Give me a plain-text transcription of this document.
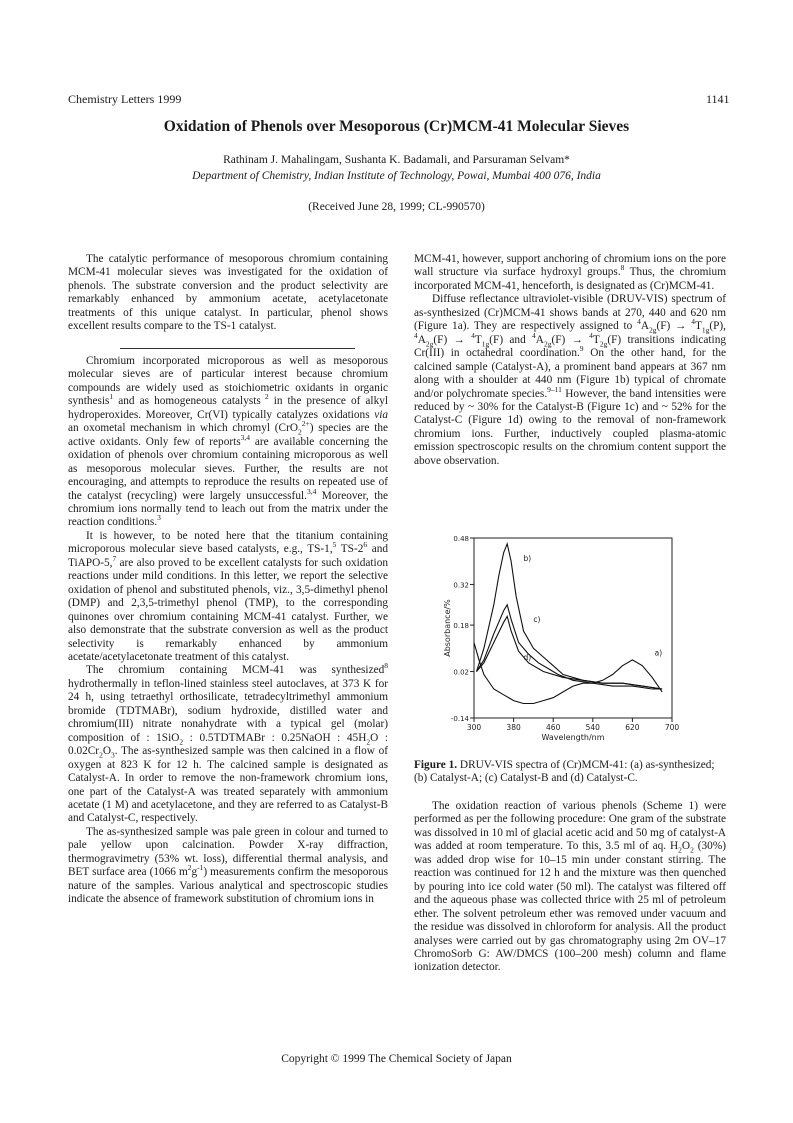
Chemistry Letters 1999	1141
Oxidation of Phenols over Mesoporous (Cr)MCM-41 Molecular Sieves
Rathinam J. Mahalingam, Sushanta K. Badamali, and Parsuraman Selvam*
Department of Chemistry, Indian Institute of Technology, Powai, Mumbai 400 076, India
(Received June 28, 1999; CL-990570)

The catalytic performance of mesoporous chromium containing MCM-41 molecular sieves was investigated for the oxidation of phenols. The substrate conversion and the product selectivity are remarkably enhanced by ammonium acetate, acetylacetonate treatments of this unique catalyst. In particular, phenol shows excellent results compare to the TS-1 catalyst.

Chromium incorporated microporous as well as mesoporous molecular sieves are of particular interest because chromium compounds are widely used as stoichiometric oxidants in organic synthesis$^1$ and as homogeneous catalysts $^2$ in the presence of alkyl hydroperoxides. Moreover, Cr(VI) typically catalyzes oxidations via an oxometal mechanism in which chromyl (CrO$_2^{2+}$) species are the active oxidants. Only few of reports$^{3,4}$ are available concerning the oxidation of phenols over chromium containing microporous as well as mesoporous molecular sieves. Further, the results are not encouraging, and attempts to reproduce the results on repeated use of the catalyst (recycling) were largely unsuccessful.$^{3,4}$ Moreover, the chromium ions normally tend to leach out from the matrix under the reaction conditions.$^3$

It is however, to be noted here that the titanium containing microporous molecular sieve based catalysts, e.g., TS-1,$^5$ $TS-2^6$ and TiAPO-5,$^7$ are also proved to be excellent catalysts for such oxidation reactions under mild conditions. In this letter, we report the selective oxidation of phenol and substituted phenols, viz., 3,5-dimethyl phenol (DMP) and 2,3,5-trimethyl phenol (TMP), to the corresponding quinones over chromium containing MCM-41 catalyst. Further, we also demonstrate that the substrate conversion as well as the product selectivity is remarkably enhanced by ammonium acetate/acetylacetonate treatment of this catalyst.

The chromium containing MCM-41 was synthesized$^8$ hydrothermally in teflon-lined stainless steel autoclaves, at 373 K for 24 h, using tetraethyl orthosilicate, tetradecyltrimethyl ammonium bromide (TDTMABr), sodium hydroxide, distilled water and chromium(III) nitrate nonahydrate with a typical gel (molar) composition of : 1SiO$_2$ : 0.5TDTMABr : 0.25NaOH : $45H_2O$ : $0.02Cr_2O_3$. The as-synthesized sample was then calcined in a flow of oxygen at 823 K for 12 h. The calcined sample is designated as Catalyst-A. In order to remove the non-framework chromium ions, one part of the Catalyst-A was treated separately with ammonium acetate (1 M) and acetylacetone, and they are referred to as Catalyst-B and Catalyst-C, respectively.

The as-synthesized sample was pale green in colour and turned to pale yellow upon calcination. Powder X-ray diffraction, thermogravimetry (53% wt. loss), differential thermal analysis, and BET surface area (1066 $m^2g^{-1}$) measurements confirm the mesoporous nature of the samples. Various analytical and spectroscopic studies indicate the absence of framework substitution of chromium ions in

MCM-41, however, support anchoring of chromium ions on the pore wall structure via surface hydroxyl groups.$^8$ Thus, the chromium incorporated MCM-41, henceforth, is designated as (Cr)MCM-41.

Diffuse reflectance ultraviolet-visible (DRUV-VIS) spectrum of as-synthesized (Cr)MCM-41 shows bands at 270, 440 and 620 nm (Figure 1a). They are respectively assigned to $^4A_{2g}(F) \to ^4T_{1g}(P)$, $^4A_{2g}(F) \to ^4T_{1g}(F)$ and $^4A_{2g}(F) \to ^4T_{2g}(F)$ transitions indicating Cr(III) in octahedral coordination.$^9$ On the other hand, for the calcined sample (Catalyst-A), a prominent band appears at 367 nm along with a shoulder at 440 nm (Figure 1b) typical of chromate and/or polychromate species.$^{9-11}$ However, the band intensities were reduced by ~ 30% for the Catalyst-B (Figure 1c) and ~ 52% for the Catalyst-C (Figure 1d) owing to the removal of non-framework chromium ions. Further, inductively coupled plasma-atomic emission spectroscopic results on the chromium content support the above observation.

300	380	460	540	620	700
-0.14
0.02
0.18
0.32
0.48
Wavelength/nm
Absorbance/%	a)
b)
c)
d)
Figure 1. DRUV-VIS spectra of (Cr)MCM-41: (a) as-synthesized; (b) Catalyst-A; (c) Catalyst-B and (d) Catalyst-C.

The oxidation reaction of various phenols (Scheme 1) were performed as per the following procedure: One gram of the substrate was dissolved in 10 ml of glacial acetic acid and 50 mg of catalyst-A was added at room temperature. To this, 3.5 ml of aq. $H_2O_2$ (30%) was added drop wise for 10–15 min under constant stirring. The reaction was continued for 12 h and the mixture was then quenched by pouring into ice cold water (50 ml). The catalyst was filtered off and the aqueous phase was collected thrice with 25 ml of petroleum ether. The solvent petroleum ether was removed under vacuum and the residue was dissolved in chloroform for analysis. All the product analyses were carried out by gas chromatography using 2m OV–17 ChromoSorb G: AW/DMCS (100–200 mesh) column and flame ionization detector.

Copyright © 1999 The Chemical Society of Japan
